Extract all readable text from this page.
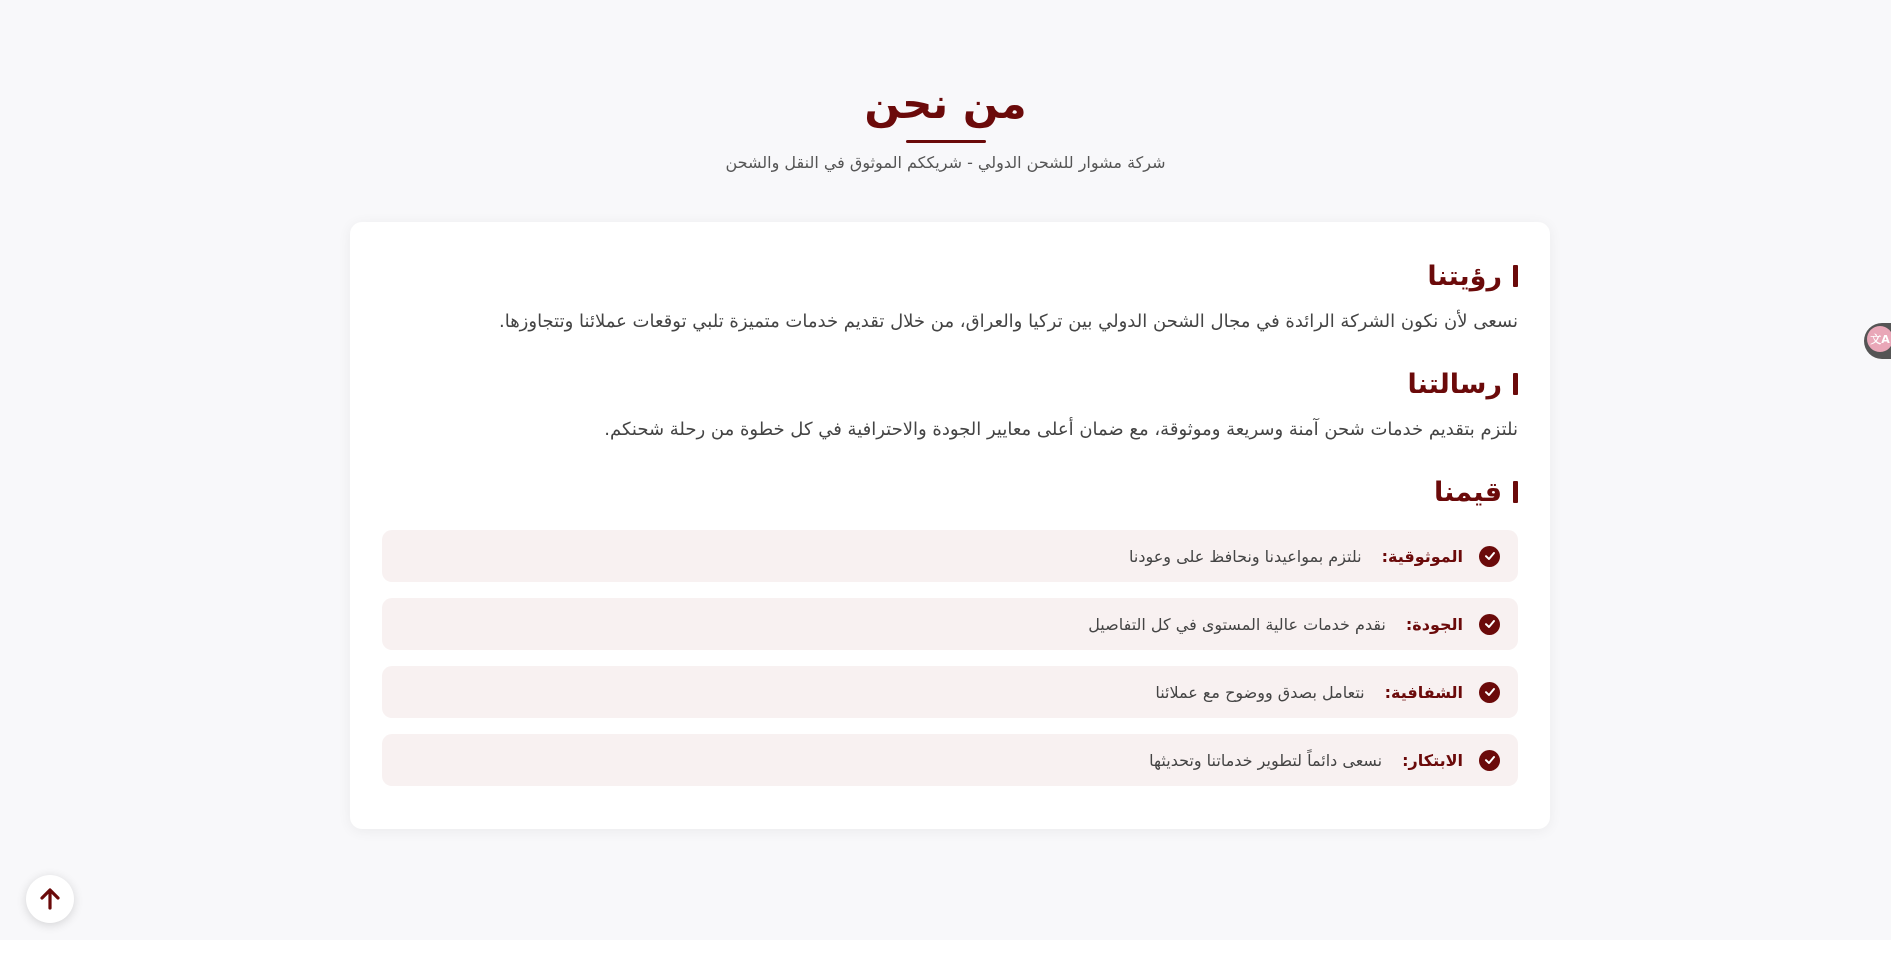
من نحن

شركة مشوار للشحن الدولي - شريككم الموثوق في النقل والشحن

رؤيتنا

نسعى لأن نكون الشركة الرائدة في مجال الشحن الدولي بين تركيا والعراق، من خلال تقديم خدمات متميزة تلبي توقعات عملائنا وتتجاوزها.

رسالتنا

نلتزم بتقديم خدمات شحن آمنة وسريعة وموثوقة، مع ضمان أعلى معايير الجودة والاحترافية في كل خطوة من رحلة شحنكم.

قيمنا
الموثوقية:
نلتزم بمواعيدنا ونحافظ على وعودنا
الجودة:
نقدم خدمات عالية المستوى في كل التفاصيل
الشفافية:
نتعامل بصدق ووضوح مع عملائنا
الابتكار:
نسعى دائماً لتطوير خدماتنا وتحديثها
文A
